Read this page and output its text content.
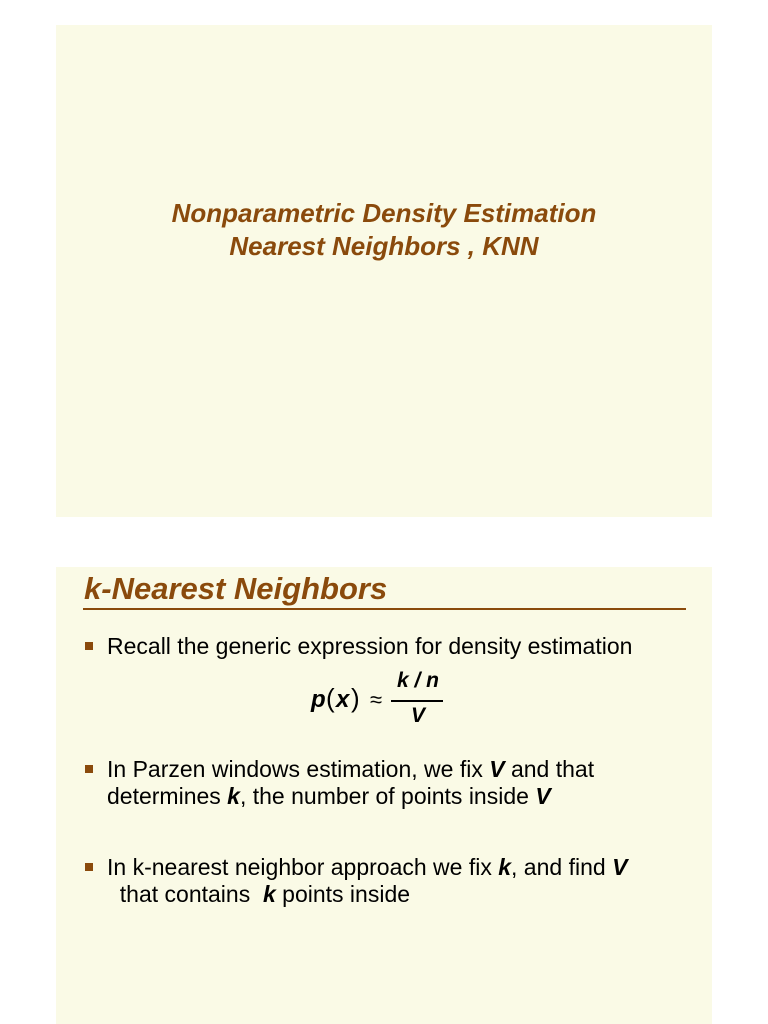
Nonparametric Density Estimation
Nearest Neighbors , KNN
k-Nearest Neighbors
Recall the generic expression for density estimation
p ( x ) ≈
k / n
V
In Parzen windows estimation, we fix V and that determines k, the number of points inside V
In k-nearest neighbor approach we fix k, and find V  that contains  k points inside
